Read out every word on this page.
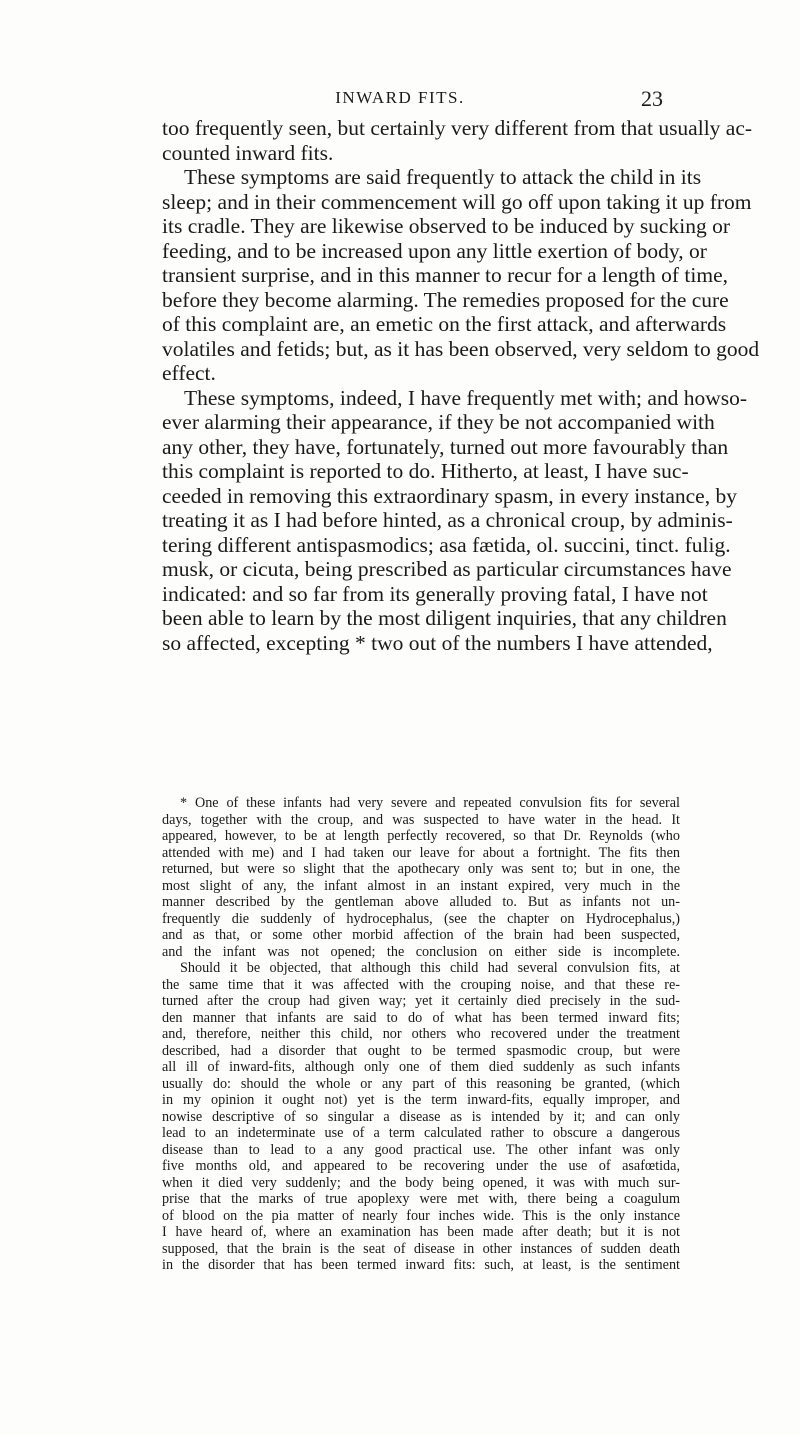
INWARD FITS.	23
too frequently seen, but certainly very different from that usually ac-
counted inward fits.
These symptoms are said frequently to attack the child in its
sleep; and in their commencement will go off upon taking it up from
its cradle. They are likewise observed to be induced by sucking or
feeding, and to be increased upon any little exertion of body, or
transient surprise, and in this manner to recur for a length of time,
before they become alarming. The remedies proposed for the cure
of this complaint are, an emetic on the first attack, and afterwards
volatiles and fetids; but, as it has been observed, very seldom to good
effect.
These symptoms, indeed, I have frequently met with; and howso-
ever alarming their appearance, if they be not accompanied with
any other, they have, fortunately, turned out more favourably than
this complaint is reported to do. Hitherto, at least, I have suc-
ceeded in removing this extraordinary spasm, in every instance, by
treating it as I had before hinted, as a chronical croup, by adminis-
tering different antispasmodics; asa fætida, ol. succini, tinct. fulig.
musk, or cicuta, being prescribed as particular circumstances have
indicated: and so far from its generally proving fatal, I have not
been able to learn by the most diligent inquiries, that any children
so affected, excepting * two out of the numbers I have attended,
* One of these infants had very severe and repeated convulsion fits for several
days, together with the croup, and was suspected to have water in the head. It
appeared, however, to be at length perfectly recovered, so that Dr. Reynolds (who
attended with me) and I had taken our leave for about a fortnight. The fits then
returned, but were so slight that the apothecary only was sent to; but in one, the
most slight of any, the infant almost in an instant expired, very much in the
manner described by the gentleman above alluded to. But as infants not un-
frequently die suddenly of hydrocephalus, (see the chapter on Hydrocephalus,)
and as that, or some other morbid affection of the brain had been suspected,
and the infant was not opened; the conclusion on either side is incomplete.
Should it be objected, that although this child had several convulsion fits, at
the same time that it was affected with the crouping noise, and that these re-
turned after the croup had given way; yet it certainly died precisely in the sud-
den manner that infants are said to do of what has been termed inward fits;
and, therefore, neither this child, nor others who recovered under the treatment
described, had a disorder that ought to be termed spasmodic croup, but were
all ill of inward-fits, although only one of them died suddenly as such infants
usually do: should the whole or any part of this reasoning be granted, (which
in my opinion it ought not) yet is the term inward-fits, equally improper, and
nowise descriptive of so singular a disease as is intended by it; and can only
lead to an indeterminate use of a term calculated rather to obscure a dangerous
disease than to lead to a any good practical use. The other infant was only
five months old, and appeared to be recovering under the use of asafœtida,
when it died very suddenly; and the body being opened, it was with much sur-
prise that the marks of true apoplexy were met with, there being a coagulum
of blood on the pia matter of nearly four inches wide. This is the only instance
I have heard of, where an examination has been made after death; but it is not
supposed, that the brain is the seat of disease in other instances of sudden death
in the disorder that has been termed inward fits: such, at least, is the sentiment
